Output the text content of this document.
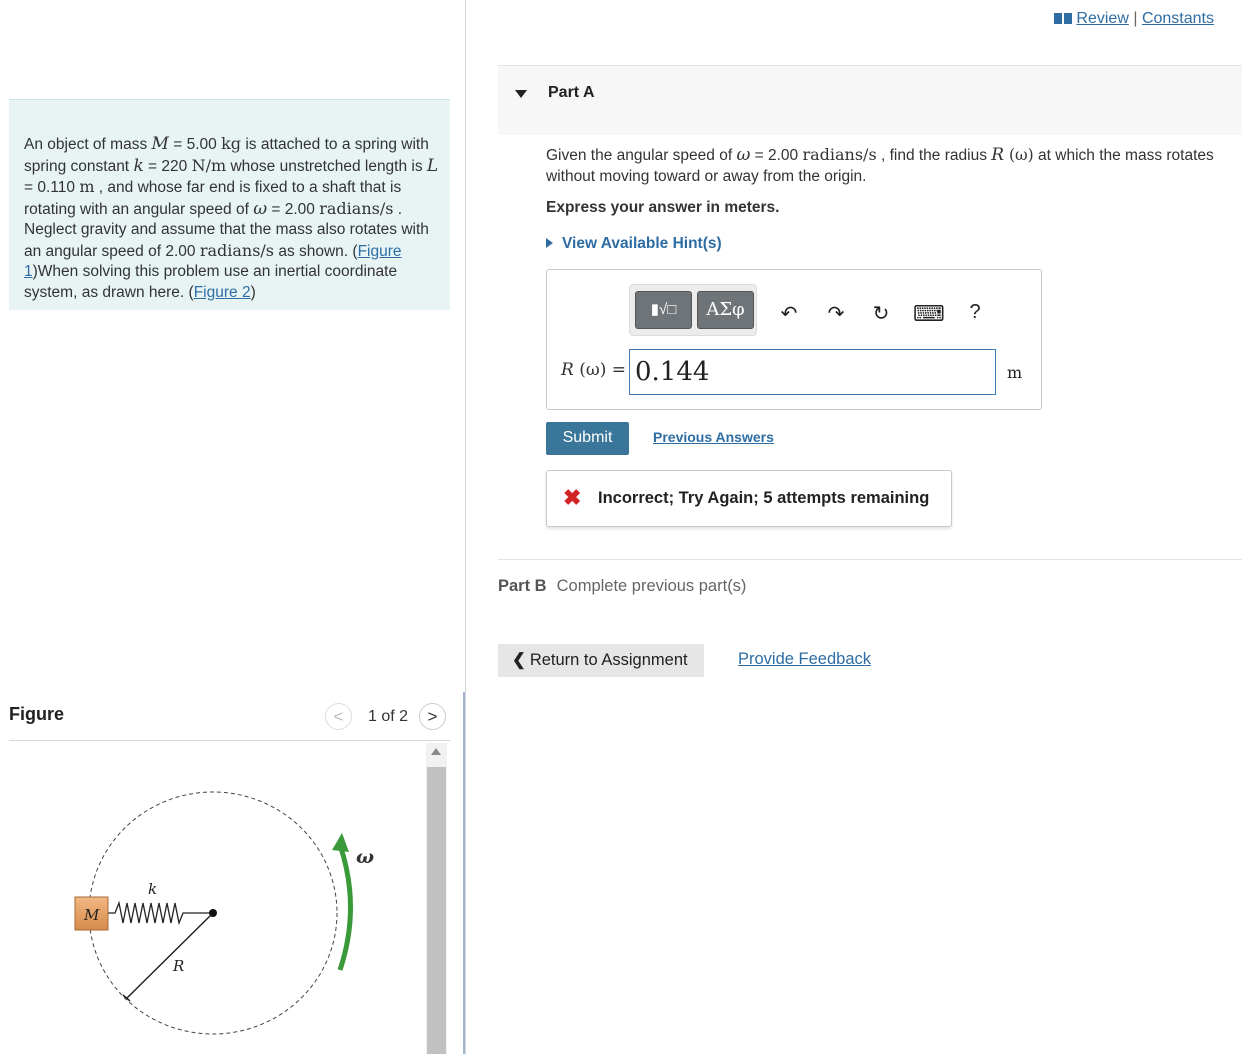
An object of mass M = 5.00 kg is attached to a spring with spring constant k = 220 N/m whose unstretched length is L = 0.110 m , and whose far end is fixed to a shaft that is rotating with an angular speed of ω = 2.00 radians/s . Neglect gravity and assume that the mass also rotates with an angular speed of 2.00 radians/s as shown. (Figure 1)When solving this problem use an inertial coordinate system, as drawn here. (Figure 2)
Figure	<	1 of 2	>
ω
R
k
M
Review | Constants
Part A
Given the angular speed of ω = 2.00 radians/s , find the radius R (ω) at which the mass rotates without moving toward or away from the origin.
Express your answer in meters.
View Available Hint(s)
▮√□	ΑΣφ	↶	↷	↻	⌨	?
R (ω) = 0.144	m
Submit	Previous Answers
✖ Incorrect; Try Again; 5 attempts remaining
Part B Complete previous part(s)
❮ Return to Assignment	Provide Feedback
